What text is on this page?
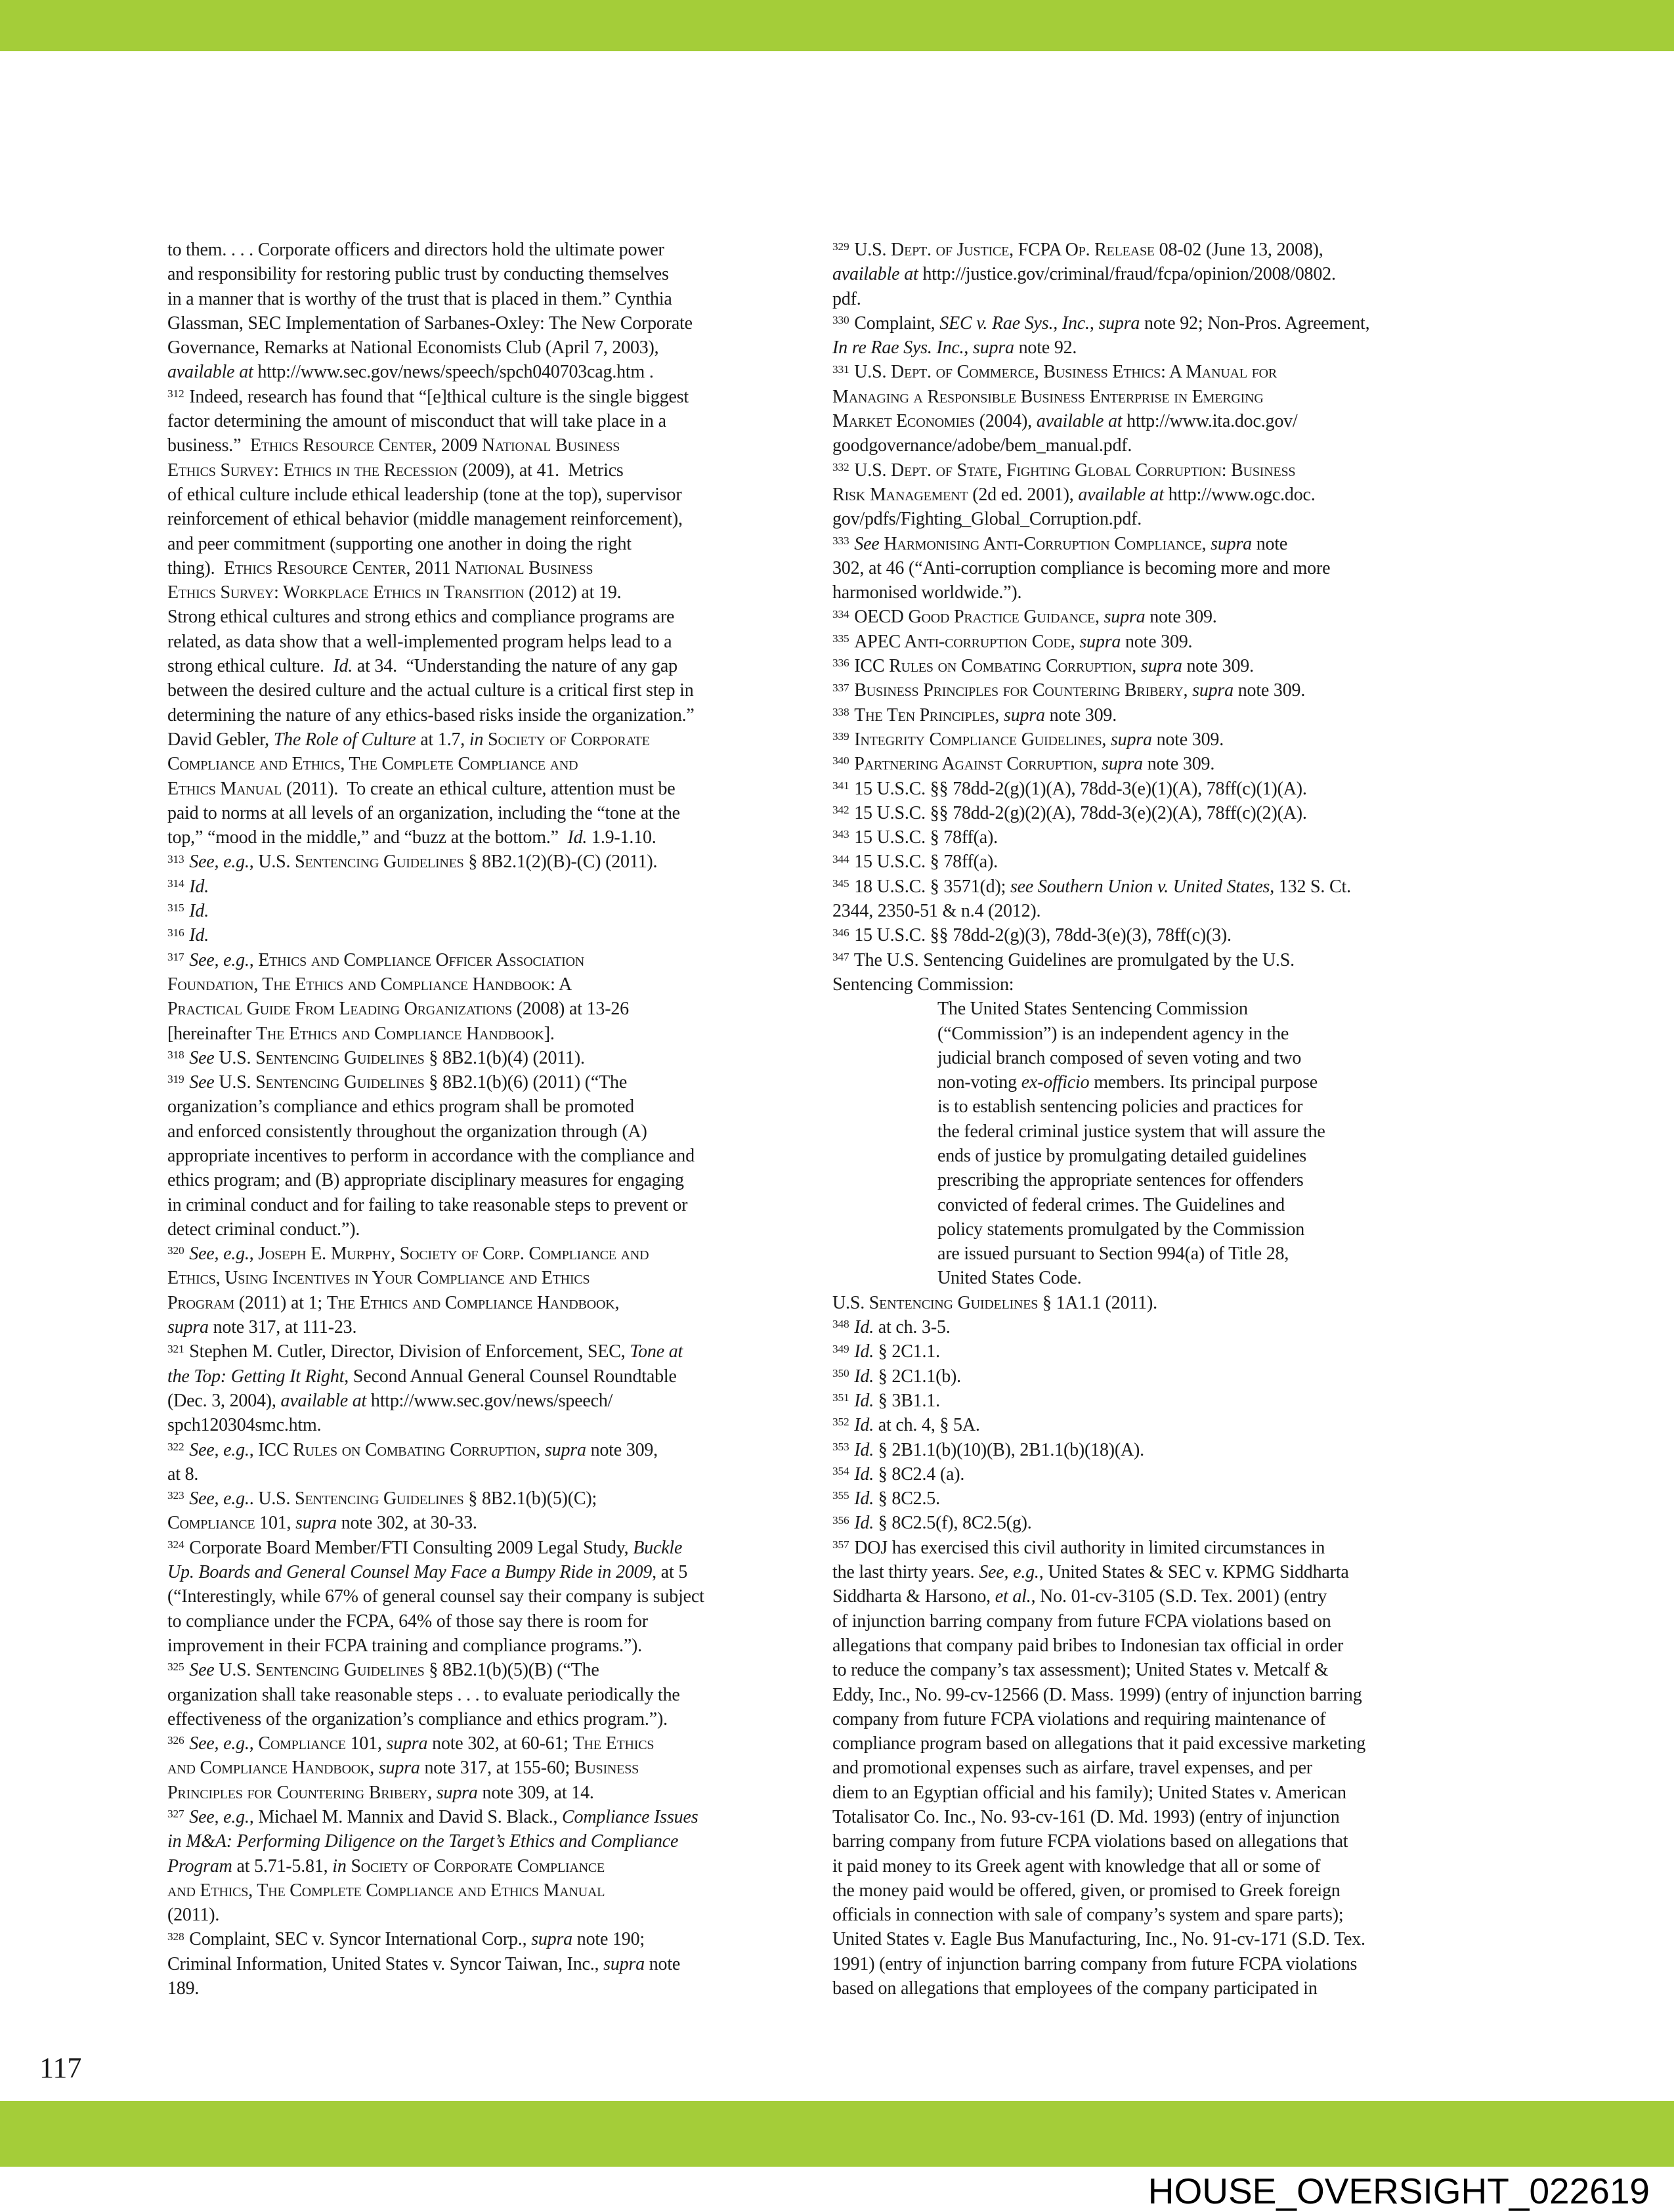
to them. . . . Corporate officers and directors hold the ultimate power
and responsibility for restoring public trust by conducting themselves
in a manner that is worthy of the trust that is placed in them.” Cynthia
Glassman, SEC Implementation of Sarbanes-Oxley: The New Corporate
Governance, Remarks at National Economists Club (April 7, 2003),
available at http://www.sec.gov/news/speech/spch040703cag.htm .
$^{312}$ Indeed, research has found that “[e]thical culture is the single biggest
factor determining the amount of misconduct that will take place in a
business.”  Ethics Resource Center, 2009 National Business
Ethics Survey: Ethics in the Recession (2009), at 41.  Metrics
of ethical culture include ethical leadership (tone at the top), supervisor
reinforcement of ethical behavior (middle management reinforcement),
and peer commitment (supporting one another in doing the right
thing).  Ethics Resource Center, 2011 National Business
Ethics Survey: Workplace Ethics in Transition (2012) at 19.
Strong ethical cultures and strong ethics and compliance programs are
related, as data show that a well-implemented program helps lead to a
strong ethical culture.  Id. at 34.  “Understanding the nature of any gap
between the desired culture and the actual culture is a critical first step in
determining the nature of any ethics-based risks inside the organization.”
David Gebler, The Role of Culture at 1.7, in Society of Corporate
Compliance and Ethics, The Complete Compliance and
Ethics Manual (2011).  To create an ethical culture, attention must be
paid to norms at all levels of an organization, including the “tone at the
top,” “mood in the middle,” and “buzz at the bottom.”  Id. 1.9-1.10.
$^{313}$ See, e.g., U.S. Sentencing Guidelines § 8B2.1(2)(B)-(C) (2011).
$^{314}$ Id.
$^{315}$ Id.
$^{316}$ Id.
$^{317}$ See, e.g., Ethics and Compliance Officer Association
Foundation, The Ethics and Compliance Handbook: A
Practical Guide From Leading Organizations (2008) at 13-26
[hereinafter The Ethics and Compliance Handbook].
$^{318}$ See U.S. Sentencing Guidelines § 8B2.1(b)(4) (2011).
$^{319}$ See U.S. Sentencing Guidelines § 8B2.1(b)(6) (2011) (“The
organization’s compliance and ethics program shall be promoted
and enforced consistently throughout the organization through (A)
appropriate incentives to perform in accordance with the compliance and
ethics program; and (B) appropriate disciplinary measures for engaging
in criminal conduct and for failing to take reasonable steps to prevent or
detect criminal conduct.”).
$^{320}$ See, e.g., Joseph E. Murphy, Society of Corp. Compliance and
Ethics, Using Incentives in Your Compliance and Ethics
Program (2011) at 1; The Ethics and Compliance Handbook,
supra note 317, at 111-23.
$^{321}$ Stephen M. Cutler, Director, Division of Enforcement, SEC, Tone at
the Top: Getting It Right, Second Annual General Counsel Roundtable
(Dec. 3, 2004), available at http://www.sec.gov/news/speech/
spch120304smc.htm.
$^{322}$ See, e.g., ICC Rules on Combating Corruption, supra note 309,
at 8.
$^{323}$ See, e.g.. U.S. Sentencing Guidelines § 8B2.1(b)(5)(C);
Compliance 101, supra note 302, at 30-33.
$^{324}$ Corporate Board Member/FTI Consulting 2009 Legal Study, Buckle
Up. Boards and General Counsel May Face a Bumpy Ride in 2009, at 5
(“Interestingly, while 67% of general counsel say their company is subject
to compliance under the FCPA, 64% of those say there is room for
improvement in their FCPA training and compliance programs.”).
$^{325}$ See U.S. Sentencing Guidelines § 8B2.1(b)(5)(B) (“The
organization shall take reasonable steps . . . to evaluate periodically the
effectiveness of the organization’s compliance and ethics program.”).
$^{326}$ See, e.g., Compliance 101, supra note 302, at 60-61; The Ethics
and Compliance Handbook, supra note 317, at 155-60; Business
Principles for Countering Bribery, supra note 309, at 14.
$^{327}$ See, e.g., Michael M. Mannix and David S. Black., Compliance Issues
in M&A: Performing Diligence on the Target’s Ethics and Compliance
Program at 5.71-5.81, in Society of Corporate Compliance
and Ethics, The Complete Compliance and Ethics Manual
(2011).
$^{328}$ Complaint, SEC v. Syncor International Corp., supra note 190;
Criminal Information, United States v. Syncor Taiwan, Inc., supra note
189.
$^{329}$ U.S. Dept. of Justice, FCPA Op. Release 08-02 (June 13, 2008),
available at http://justice.gov/criminal/fraud/fcpa/opinion/2008/0802.
pdf.
$^{330}$ Complaint, SEC v. Rae Sys., Inc., supra note 92; Non-Pros. Agreement,
In re Rae Sys. Inc., supra note 92.
$^{331}$ U.S. Dept. of Commerce, Business Ethics: A Manual for
Managing a Responsible Business Enterprise in Emerging
Market Economies (2004), available at http://www.ita.doc.gov/
goodgovernance/adobe/bem_manual.pdf.
$^{332}$ U.S. Dept. of State, Fighting Global Corruption: Business
Risk Management (2d ed. 2001), available at http://www.ogc.doc.
gov/pdfs/Fighting_Global_Corruption.pdf.
$^{333}$ See Harmonising Anti-Corruption Compliance, supra note
302, at 46 (“Anti-corruption compliance is becoming more and more
harmonised worldwide.”).
$^{334}$ OECD Good Practice Guidance, supra note 309.
$^{335}$ APEC Anti-corruption Code, supra note 309.
$^{336}$ ICC Rules on Combating Corruption, supra note 309.
$^{337}$ Business Principles for Countering Bribery, supra note 309.
$^{338}$ The Ten Principles, supra note 309.
$^{339}$ Integrity Compliance Guidelines, supra note 309.
$^{340}$ Partnering Against Corruption, supra note 309.
$^{341}$ 15 U.S.C. §§ 78dd-2(g)(1)(A), 78dd-3(e)(1)(A), 78ff(c)(1)(A).
$^{342}$ 15 U.S.C. §§ 78dd-2(g)(2)(A), 78dd-3(e)(2)(A), 78ff(c)(2)(A).
$^{343}$ 15 U.S.C. § 78ff(a).
$^{344}$ 15 U.S.C. § 78ff(a).
$^{345}$ 18 U.S.C. § 3571(d); see Southern Union v. United States, 132 S. Ct.
2344, 2350-51 & n.4 (2012).
$^{346}$ 15 U.S.C. §§ 78dd-2(g)(3), 78dd-3(e)(3), 78ff(c)(3).
$^{347}$ The U.S. Sentencing Guidelines are promulgated by the U.S.
Sentencing Commission:
The United States Sentencing Commission
(“Commission”) is an independent agency in the
judicial branch composed of seven voting and two
non-voting ex-officio members. Its principal purpose
is to establish sentencing policies and practices for
the federal criminal justice system that will assure the
ends of justice by promulgating detailed guidelines
prescribing the appropriate sentences for offenders
convicted of federal crimes. The Guidelines and
policy statements promulgated by the Commission
are issued pursuant to Section 994(a) of Title 28,
United States Code.
U.S. Sentencing Guidelines § 1A1.1 (2011).
$^{348}$ Id. at ch. 3-5.
$^{349}$ Id. § 2C1.1.
$^{350}$ Id. § 2C1.1(b).
$^{351}$ Id. § 3B1.1.
$^{352}$ Id. at ch. 4, § 5A.
$^{353}$ Id. § 2B1.1(b)(10)(B), 2B1.1(b)(18)(A).
$^{354}$ Id. § 8C2.4 (a).
$^{355}$ Id. § 8C2.5.
$^{356}$ Id. § 8C2.5(f), 8C2.5(g).
$^{357}$ DOJ has exercised this civil authority in limited circumstances in
the last thirty years. See, e.g., United States & SEC v. KPMG Siddharta
Siddharta & Harsono, et al., No. 01-cv-3105 (S.D. Tex. 2001) (entry
of injunction barring company from future FCPA violations based on
allegations that company paid bribes to Indonesian tax official in order
to reduce the company’s tax assessment); United States v. Metcalf &
Eddy, Inc., No. 99-cv-12566 (D. Mass. 1999) (entry of injunction barring
company from future FCPA violations and requiring maintenance of
compliance program based on allegations that it paid excessive marketing
and promotional expenses such as airfare, travel expenses, and per
diem to an Egyptian official and his family); United States v. American
Totalisator Co. Inc., No. 93-cv-161 (D. Md. 1993) (entry of injunction
barring company from future FCPA violations based on allegations that
it paid money to its Greek agent with knowledge that all or some of
the money paid would be offered, given, or promised to Greek foreign
officials in connection with sale of company’s system and spare parts);
United States v. Eagle Bus Manufacturing, Inc., No. 91-cv-171 (S.D. Tex.
1991) (entry of injunction barring company from future FCPA violations
based on allegations that employees of the company participated in
117
HOUSE_OVERSIGHT_022619
